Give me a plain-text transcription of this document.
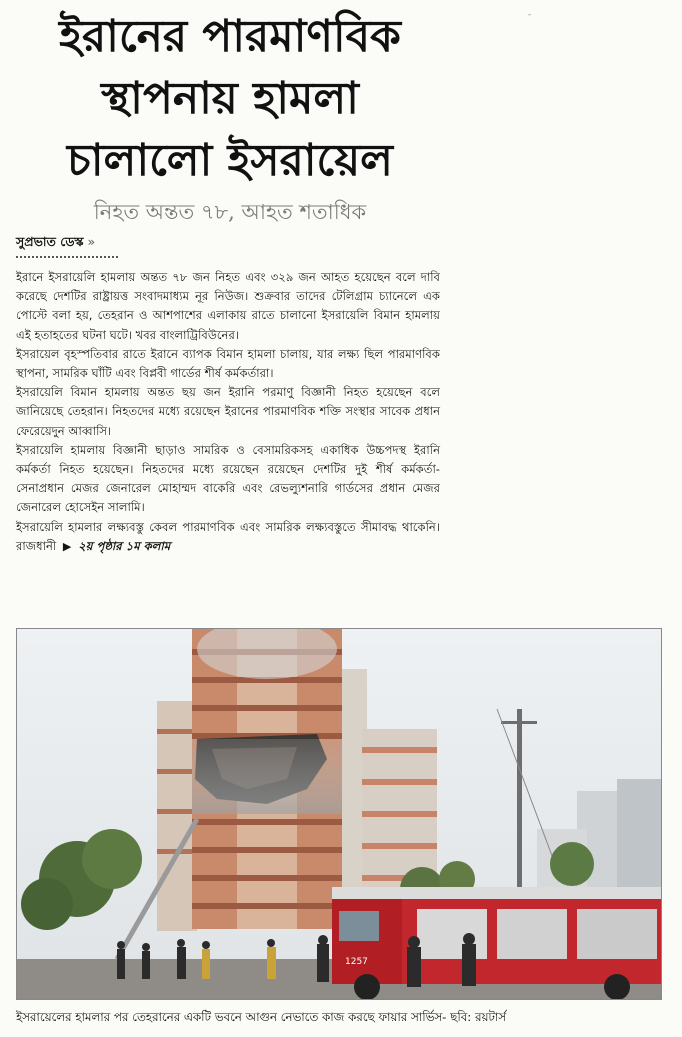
ইরানের পারমাণবিক
স্থাপনায় হামলা
চালালো ইসরায়েল
নিহত অন্তত ৭৮, আহত শতাধিক
-
সুপ্রভাত ডেস্ক »

ইরানে ইসরায়েলি হামলায় অন্তত ৭৮ জন নিহত এবং ৩২৯ জন আহত হয়েছেন বলে দাবি করেছে দেশটির রাষ্ট্রায়ত্ত সংবাদমাধ্যম নূর নিউজ। শুক্রবার তাদের টেলিগ্রাম চ্যানেলে এক পোস্টে বলা হয়, তেহরান ও আশপাশের এলাকায় রাতে চালানো ইসরায়েলি বিমান হামলায় এই হতাহতের ঘটনা ঘটে। খবর বাংলাট্রিবিউনের।

ইসরায়েল বৃহস্পতিবার রাতে ইরানে ব্যাপক বিমান হামলা চালায়, যার লক্ষ্য ছিল পারমাণবিক স্থাপনা, সামরিক ঘাঁটি এবং বিপ্লবী গার্ডের শীর্ষ কর্মকর্তারা।

ইসরায়েলি বিমান হামলায় অন্তত ছয় জন ইরানি পরমাণু বিজ্ঞানী নিহত হয়েছেন বলে জানিয়েছে তেহরান। নিহতদের মধ্যে রয়েছেন ইরানের পারমাণবিক শক্তি সংস্থার সাবেক প্রধান ফেরেয়েদুন আব্বাসি।

ইসরায়েলি হামলায় বিজ্ঞানী ছাড়াও সামরিক ও বেসামরিকসহ একাধিক উচ্চপদস্থ ইরানি কর্মকর্তা নিহত হয়েছেন। নিহতদের মধ্যে রয়েছেন রয়েছেন দেশটির দুই শীর্ষ কর্মকর্তা- সেনাপ্রধান মেজর জেনারেল মোহাম্মদ বাকেরি এবং রেভল্যুশনারি গার্ডসের প্রধান মেজর জেনারেল হোসেইন সালামি।

ইসরায়েলি হামলার লক্ষ্যবস্তু কেবল পারমাণবিক এবং সামরিক লক্ষ্যবস্তুতে সীমাবদ্ধ থাকেনি। রাজধানী ▶ ২য় পৃষ্ঠার ১ম কলাম

1257
ইসরায়েলের হামলার পর তেহরানের একটি ভবনে আগুন নেভাতে কাজ করছে ফায়ার সার্ভিস- ছবি: রয়টার্স
